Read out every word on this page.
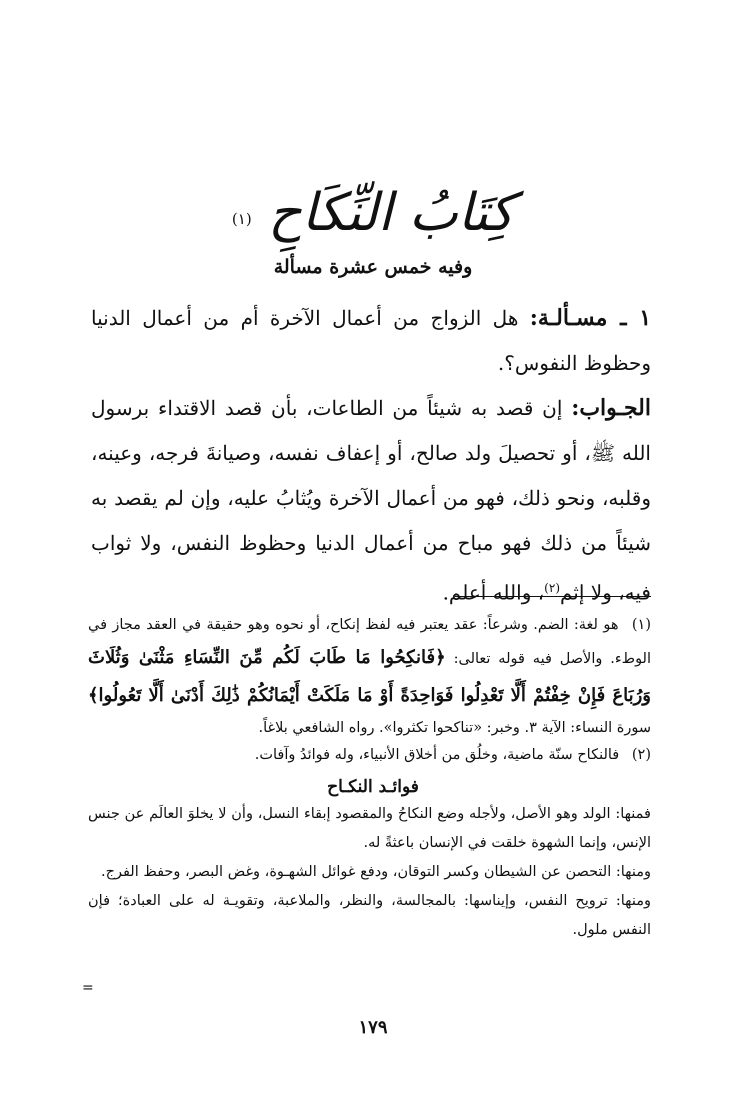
كِتَابُ النِّكَاحِ $^{(١)}$
وفيه خمس عشرة مسألة

١ ـ مسـألـة: هل الزواج من أعمال الآخرة أم من أعمال الدنيا وحظوظ النفوس؟.

الجـواب: إن قصد به شيئاً من الطاعات، بأن قصد الاقتداء برسول الله ﷺ، أو تحصيلَ ولد صالح، أو إعفاف نفسه، وصيانةَ فرجه، وعينه، وقلبه، ونحو ذلك، فهو من أعمال الآخرة ويُثابُ عليه، وإن لم يقصد به شيئاً من ذلك فهو مباح من أعمال الدنيا وحظوظ النفس، ولا ثواب فيه، ولا إثم$^{(٢)}$، والله أعلم.

(١) هو لغة: الضم. وشرعاً: عقد يعتبر فيه لفظ إنكاح، أو نحوه وهو حقيقة في العقد مجاز في الوطء. والأصل فيه قوله تعالى: ﴿فَانكِحُوا مَا طَابَ لَكُم مِّنَ النِّسَاءِ مَثْنَىٰ وَثُلَاثَ وَرُبَاعَ فَإِنْ خِفْتُمْ أَلَّا تَعْدِلُوا فَوَاحِدَةً أَوْ مَا مَلَكَتْ أَيْمَانُكُمْ ذَٰلِكَ أَدْنَىٰ أَلَّا تَعُولُوا﴾ سورة النساء: الآية ٣. وخبر: «تناكحوا تكثروا». رواه الشافعي بلاغاً.

(٢) فالنكاح سنّة ماضية، وخلُق من أخلاق الأنبياء، وله فوائدُ وآفات.

فوائـد النكـاح

فمنها: الولد وهو الأصل، ولأجله وضع النكاحُ والمقصود إبقاء النسل، وأن لا يخلوَ العالَم عن جنس الإنس، وإنما الشهوة خلقت في الإنسان باعثةً له.

ومنها: التحصن عن الشيطان وكسر التوقان، ودفع غوائل الشهـوة، وغض البصر، وحفظ الفرج.

ومنها: ترويح النفس، وإيناسها: بالمجالسة، والنظر، والملاعبة، وتقويـة له على العبادة؛ فإن النفس ملول.

=
١٧٩
